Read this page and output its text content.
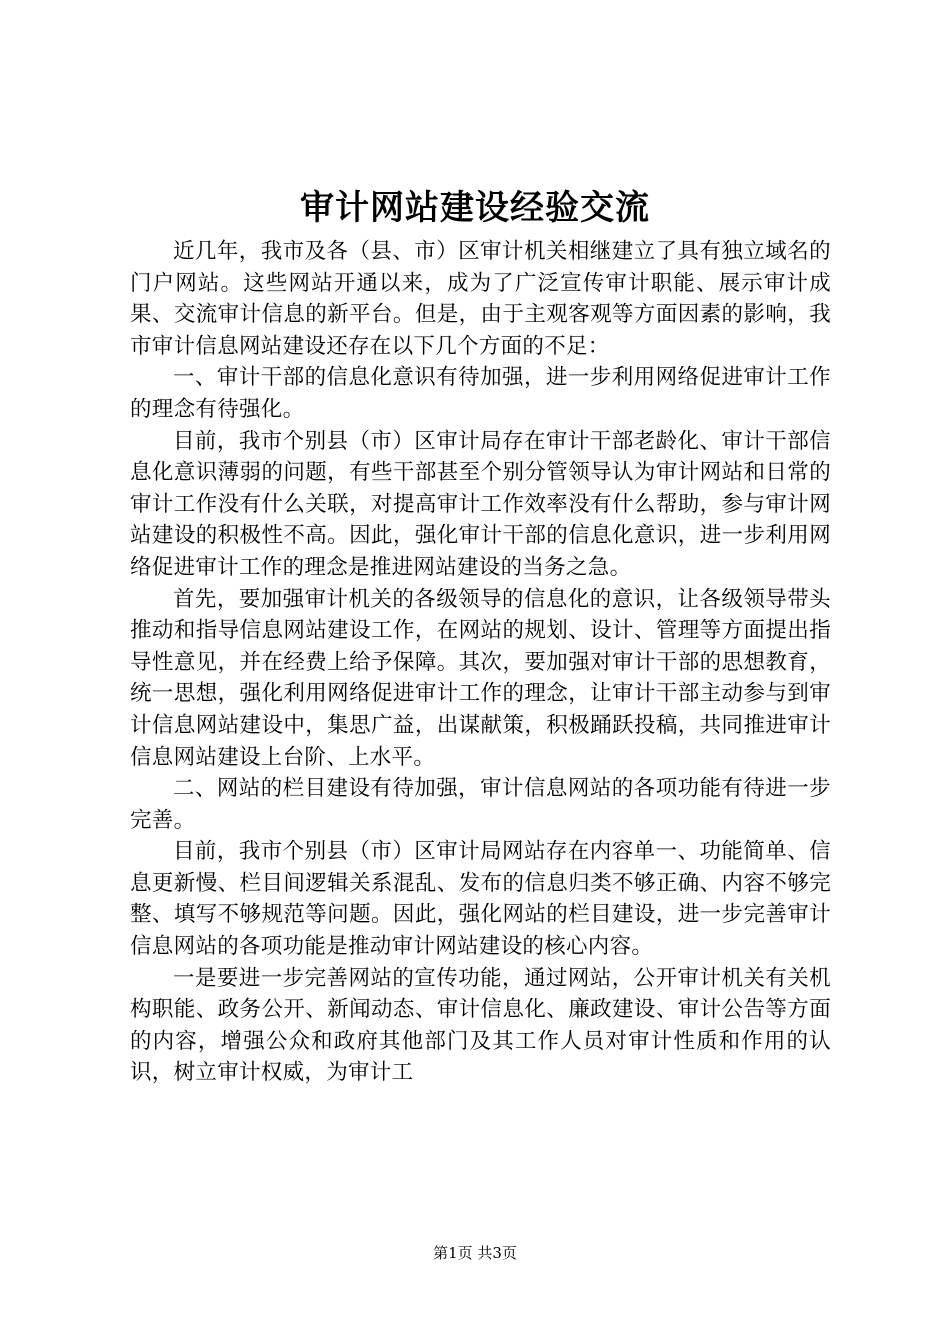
审计网站建设经验交流

近几年，我市及各（县、市）区审计机关相继建立了具有独立域名的门户网站。这些网站开通以来，成为了广泛宣传审计职能、展示审计成果、交流审计信息的新平台。但是，由于主观客观等方面因素的影响，我市审计信息网站建设还存在以下几个方面的不足：

一、审计干部的信息化意识有待加强，进一步利用网络促进审计工作的理念有待强化。

目前，我市个别县（市）区审计局存在审计干部老龄化、审计干部信息化意识薄弱的问题，有些干部甚至个别分管领导认为审计网站和日常的审计工作没有什么关联，对提高审计工作效率没有什么帮助，参与审计网站建设的积极性不高。因此，强化审计干部的信息化意识，进一步利用网络促进审计工作的理念是推进网站建设的当务之急。

首先，要加强审计机关的各级领导的信息化的意识，让各级领导带头推动和指导信息网站建设工作，在网站的规划、设计、管理等方面提出指导性意见，并在经费上给予保障。其次，要加强对审计干部的思想教育，统一思想，强化利用网络促进审计工作的理念，让审计干部主动参与到审计信息网站建设中，集思广益，出谋献策，积极踊跃投稿，共同推进审计信息网站建设上台阶、上水平。

二、网站的栏目建设有待加强，审计信息网站的各项功能有待进一步完善。

目前，我市个别县（市）区审计局网站存在内容单一、功能简单、信息更新慢、栏目间逻辑关系混乱、发布的信息归类不够正确、内容不够完整、填写不够规范等问题。因此，强化网站的栏目建设，进一步完善审计信息网站的各项功能是推动审计网站建设的核心内容。

一是要进一步完善网站的宣传功能，通过网站，公开审计机关有关机构职能、政务公开、新闻动态、审计信息化、廉政建设、审计公告等方面的内容，增强公众和政府其他部门及其工作人员对审计性质和作用的认识，树立审计权威，为审计工

第1页 共3页
